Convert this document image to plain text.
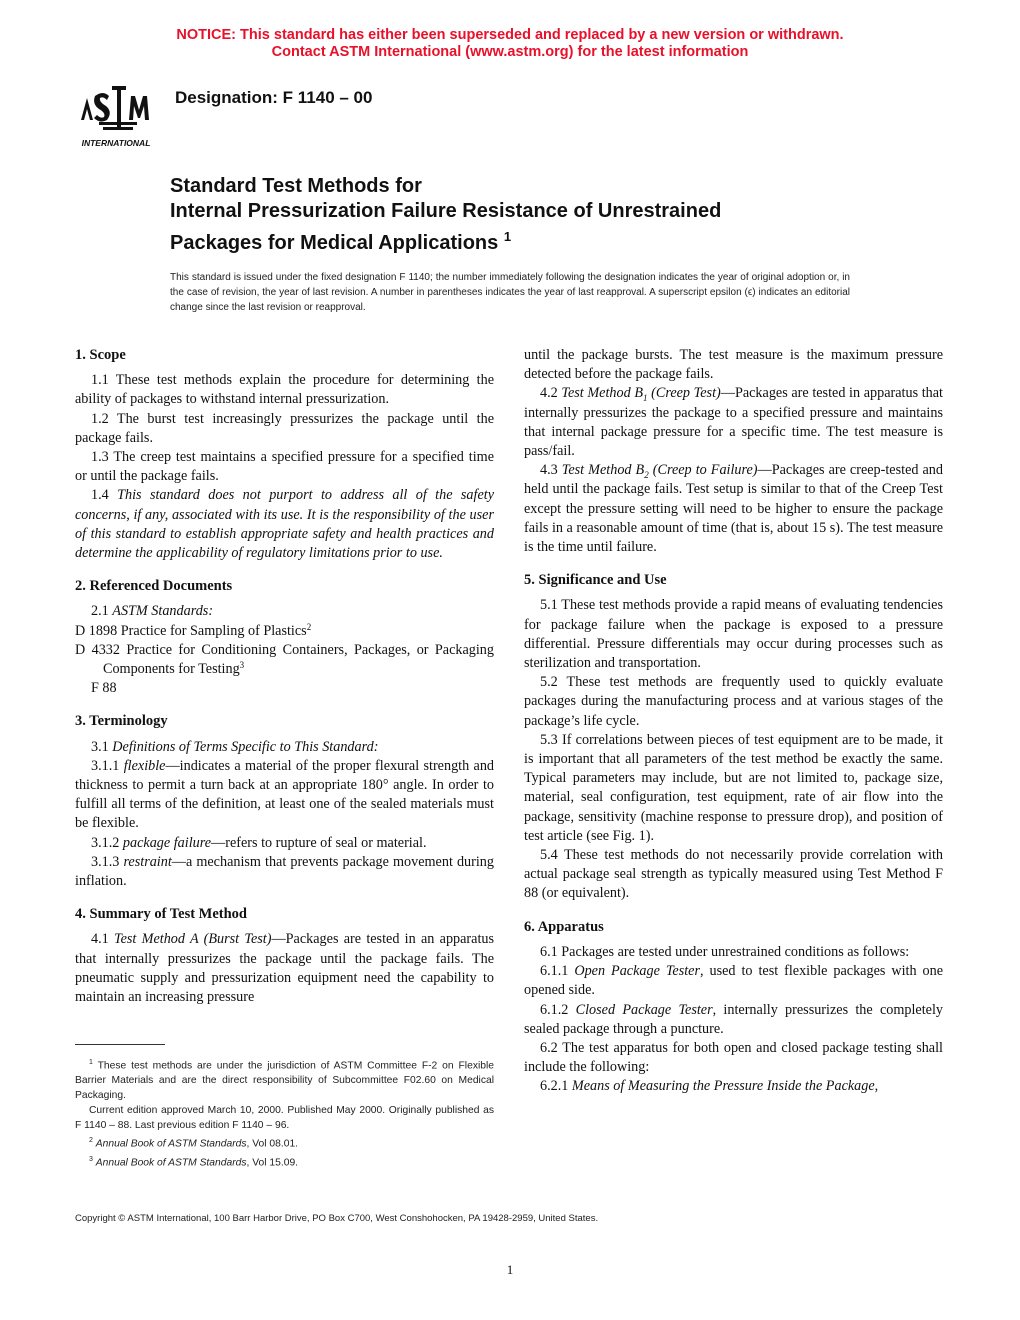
NOTICE: This standard has either been superseded and replaced by a new version or withdrawn.
Contact ASTM International (www.astm.org) for the latest information
INTERNATIONAL
Designation: F 1140 – 00
Standard Test Methods for
Internal Pressurization Failure Resistance of Unrestrained
Packages for Medical Applications $^1$
This standard is issued under the fixed designation F 1140; the number immediately following the designation indicates the year of original adoption or, in the case of revision, the year of last revision. A number in parentheses indicates the year of last reapproval. A superscript epsilon (ϵ) indicates an editorial change since the last revision or reapproval.
1. Scope

1.1 These test methods explain the procedure for determining the ability of packages to withstand internal pressurization.

1.2 The burst test increasingly pressurizes the package until the package fails.

1.3 The creep test maintains a specified pressure for a specified time or until the package fails.

1.4 This standard does not purport to address all of the safety concerns, if any, associated with its use. It is the responsibility of the user of this standard to establish appropriate safety and health practices and determine the applicability of regulatory limitations prior to use.

2. Referenced Documents

2.1 ASTM Standards:

D 1898 Practice for Sampling of Plastics$^2$

D 4332 Practice for Conditioning Containers, Packages, or Packaging Components for Testing$^3$

F 88

3. Terminology

3.1 Definitions of Terms Specific to This Standard:

3.1.1 flexible—indicates a material of the proper flexural strength and thickness to permit a turn back at an appropriate 180° angle. In order to fulfill all terms of the definition, at least one of the sealed materials must be flexible.

3.1.2 package failure—refers to rupture of seal or material.

3.1.3 restraint—a mechanism that prevents package movement during inflation.

4. Summary of Test Method

4.1 Test Method A (Burst Test)—Packages are tested in an apparatus that internally pressurizes the package until the package fails. The pneumatic supply and pressurization equipment need the capability to maintain an increasing pressure

until the package bursts. The test measure is the maximum pressure detected before the package fails.

4.2 Test Method $B_1$ (Creep Test)—Packages are tested in apparatus that internally pressurizes the package to a specified pressure and maintains that internal package pressure for a specific time. The test measure is pass/fail.

4.3 Test Method $B_2$ (Creep to Failure)—Packages are creep-tested and held until the package fails. Test setup is similar to that of the Creep Test except the pressure setting will need to be higher to ensure the package fails in a reasonable amount of time (that is, about 15 s). The test measure is the time until failure.

5. Significance and Use

5.1 These test methods provide a rapid means of evaluating tendencies for package failure when the package is exposed to a pressure differential. Pressure differentials may occur during processes such as sterilization and transportation.

5.2 These test methods are frequently used to quickly evaluate packages during the manufacturing process and at various stages of the package’s life cycle.

5.3 If correlations between pieces of test equipment are to be made, it is important that all parameters of the test method be exactly the same. Typical parameters may include, but are not limited to, package size, material, seal configuration, test equipment, rate of air flow into the package, sensitivity (machine response to pressure drop), and position of test article (see Fig. 1).

5.4 These test methods do not necessarily provide correlation with actual package seal strength as typically measured using Test Method F 88 (or equivalent).

6. Apparatus

6.1 Packages are tested under unrestrained conditions as follows:

6.1.1 Open Package Tester, used to test flexible packages with one opened side.

6.1.2 Closed Package Tester, internally pressurizes the completely sealed package through a puncture.

6.2 The test apparatus for both open and closed package testing shall include the following:

6.2.1 Means of Measuring the Pressure Inside the Package,

$^1$ These test methods are under the jurisdiction of ASTM Committee F-2 on Flexible Barrier Materials and are the direct responsibility of Subcommittee F02.60 on Medical Packaging.

Current edition approved March 10, 2000. Published May 2000. Originally published as F 1140 – 88. Last previous edition F 1140 – 96.

$^2$ Annual Book of ASTM Standards, Vol 08.01.

$^3$ Annual Book of ASTM Standards, Vol 15.09.

Copyright © ASTM International, 100 Barr Harbor Drive, PO Box C700, West Conshohocken, PA 19428-2959, United States.
1
